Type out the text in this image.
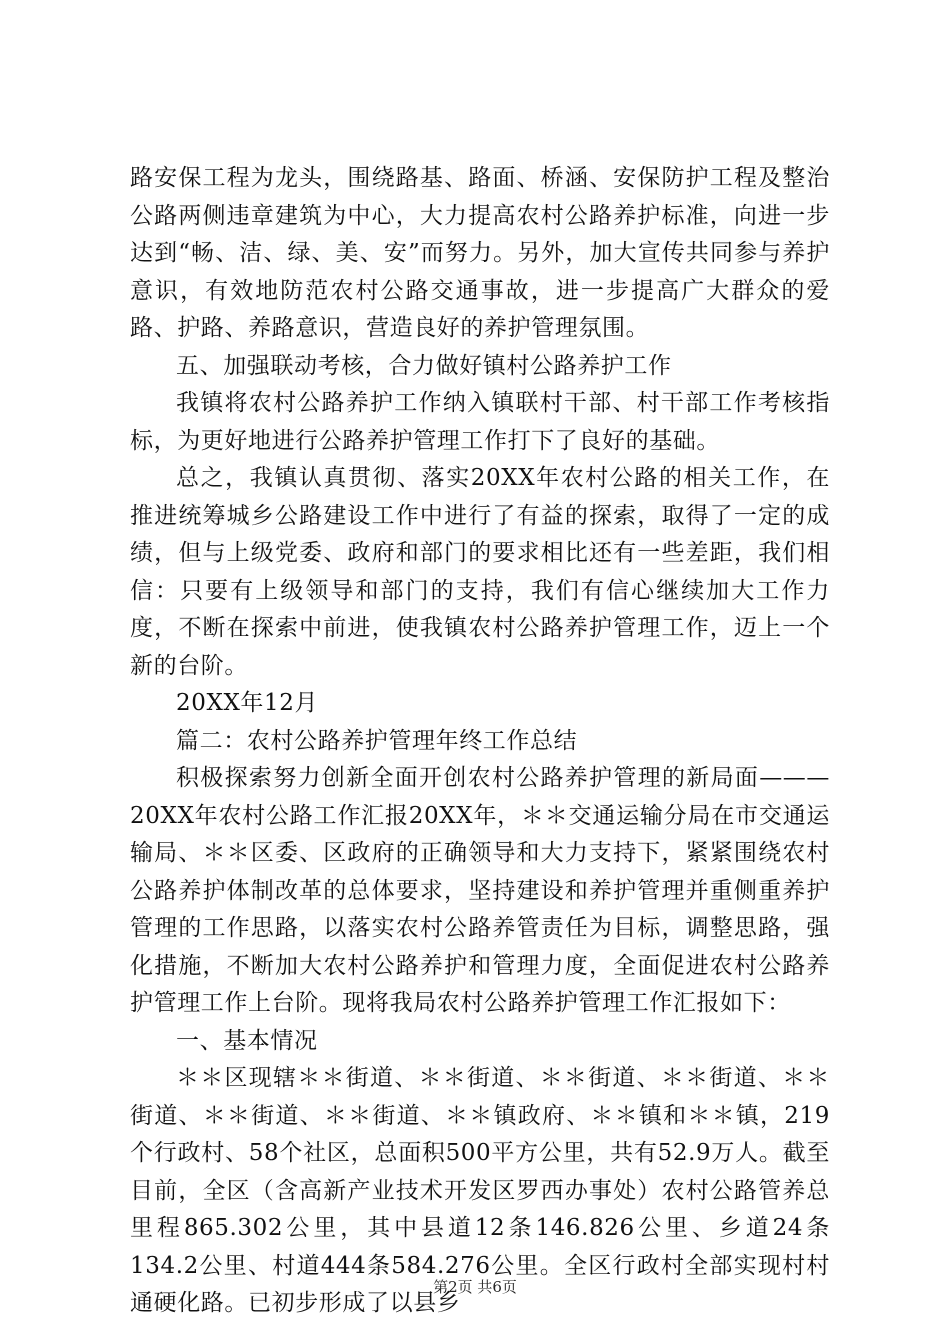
路安保工程为龙头，围绕路基、路面、桥涵、安保防护工程及整治公路两侧违章建筑为中心，大力提高农村公路养护标准，向进一步达到“畅、洁、绿、美、安”而努力。另外，加大宣传共同参与养护意识，有效地防范农村公路交通事故，进一步提高广大群众的爱路、护路、养路意识，营造良好的养护管理氛围。

五、加强联动考核，合力做好镇村公路养护工作

我镇将农村公路养护工作纳入镇联村干部、村干部工作考核指标，为更好地进行公路养护管理工作打下了良好的基础。

总之，我镇认真贯彻、落实20XX年农村公路的相关工作，在推进统筹城乡公路建设工作中进行了有益的探索，取得了一定的成绩，但与上级党委、政府和部门的要求相比还有一些差距，我们相信：只要有上级领导和部门的支持，我们有信心继续加大工作力度，不断在探索中前进，使我镇农村公路养护管理工作，迈上一个新的台阶。

20XX年12月

篇二：农村公路养护管理年终工作总结

积极探索努力创新全面开创农村公路养护管理的新局面———20XX年农村公路工作汇报20XX年，＊＊交通运输分局在市交通运输局、＊＊区委、区政府的正确领导和大力支持下，紧紧围绕农村公路养护体制改革的总体要求，坚持建设和养护管理并重侧重养护管理的工作思路，以落实农村公路养管责任为目标，调整思路，强化措施，不断加大农村公路养护和管理力度，全面促进农村公路养护管理工作上台阶。现将我局农村公路养护管理工作汇报如下：

一、基本情况

＊＊区现辖＊＊街道、＊＊街道、＊＊街道、＊＊街道、＊＊街道、＊＊街道、＊＊街道、＊＊镇政府、＊＊镇和＊＊镇，219个行政村、58个社区，总面积500平方公里，共有52.9万人。截至目前，全区（含高新产业技术开发区罗西办事处）农村公路管养总里程865.302公里，其中县道12条146.826公里、乡道24条134.2公里、村道444条584.276公里。全区行政村全部实现村村通硬化路。已初步形成了以县乡

第2页 共6页
